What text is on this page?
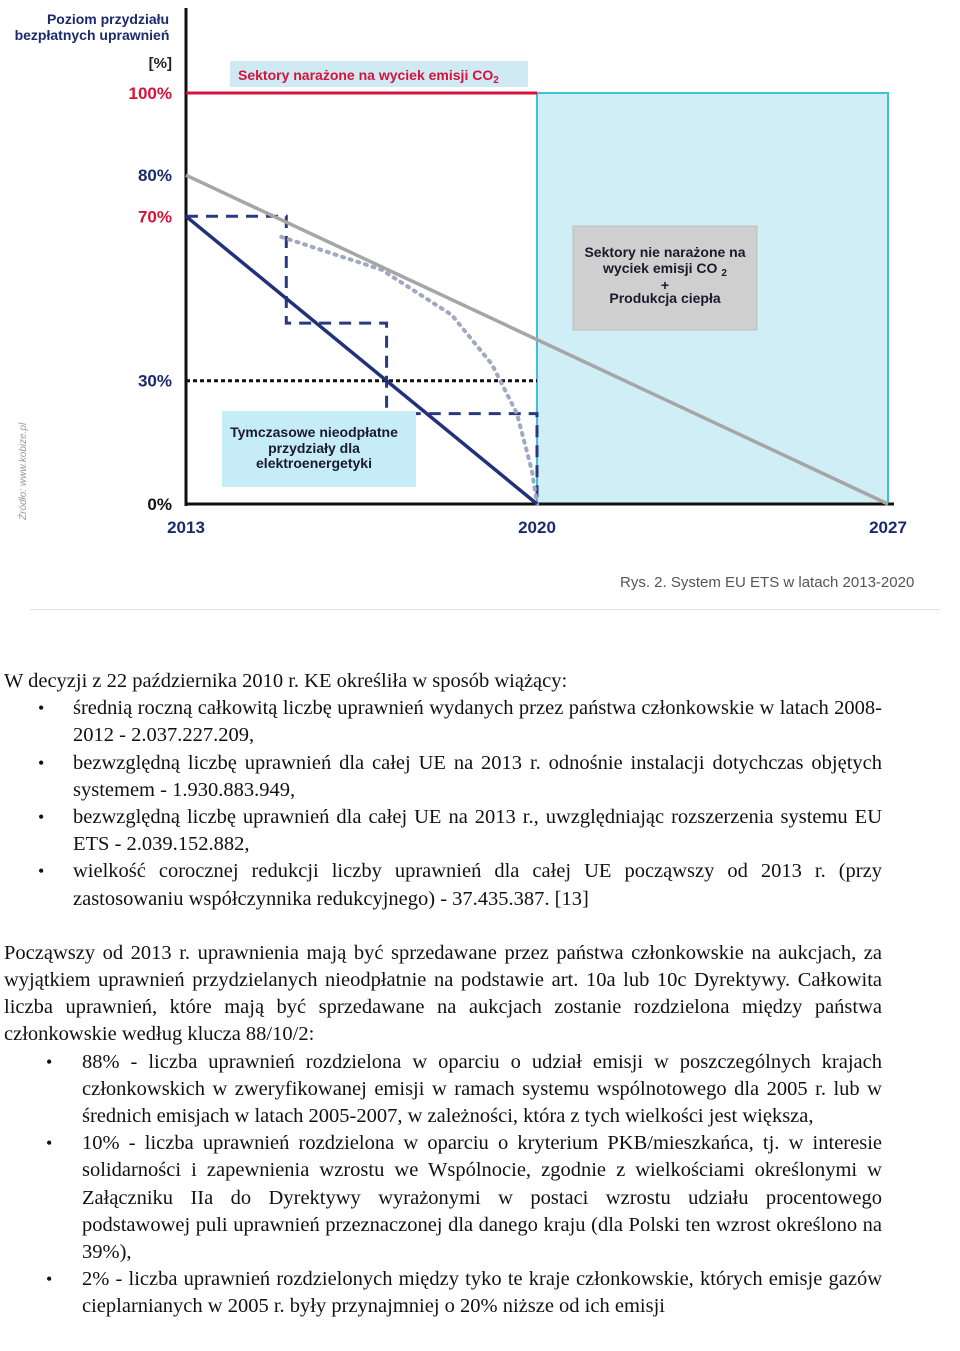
Poziom przydziału
bezpłatnych uprawnień
[%]
100%
80%
70%
30%
0%
2013	2020	2027
Sektory narażone na wyciek emisji $CO_2$
Sektory nie narażone na
wyciek emisji CO $_2$
+
Produkcja ciepła
Tymczasowe nieodpłatne
przydziały dla
elektroenergetyki
Źródło: www.kobize.pl
Rys. 2. System EU ETS w latach 2013-2020

W decyzji z 22 października 2010 r. KE określiła w sposób wiążący:

• średnią roczną całkowitą liczbę uprawnień wydanych przez państwa członkowskie w latach 2008-2012 - 2.037.227.209,
• bezwzględną liczbę uprawnień dla całej UE na 2013 r. odnośnie instalacji dotychczas objętych systemem - 1.930.883.949,
• bezwzględną liczbę uprawnień dla całej UE na 2013 r., uwzględniając rozszerzenia systemu EU ETS - 2.039.152.882,
• wielkość corocznej redukcji liczby uprawnień dla całej UE począwszy od 2013 r. (przy zastosowaniu współczynnika redukcyjnego) - 37.435.387. [13]

Począwszy od 2013 r. uprawnienia mają być sprzedawane przez państwa członkowskie na aukcjach, za wyjątkiem uprawnień przydzielanych nieodpłatnie na podstawie art. 10a lub 10c Dyrektywy. Całkowita liczba uprawnień, które mają być sprzedawane na aukcjach zostanie rozdzielona między państwa członkowskie według klucza 88/10/2:

• 88% - liczba uprawnień rozdzielona w oparciu o udział emisji w poszczególnych krajach członkowskich w zweryfikowanej emisji w ramach systemu wspólnotowego dla 2005 r. lub w średnich emisjach w latach 2005-2007, w zależności, która z tych wielkości jest większa,
• 10% - liczba uprawnień rozdzielona w oparciu o kryterium PKB/mieszkańca, tj. w interesie solidarności i zapewnienia wzrostu we Wspólnocie, zgodnie z wielkościami określonymi w Załączniku IIa do Dyrektywy wyrażonymi w postaci wzrostu udziału procentowego podstawowej puli uprawnień przeznaczonej dla danego kraju (dla Polski ten wzrost określono na 39%),
• 2% - liczba uprawnień rozdzielonych między tyko te kraje członkowskie, których emisje gazów cieplarnianych w 2005 r. były przynajmniej o 20% niższe od ich emisji
